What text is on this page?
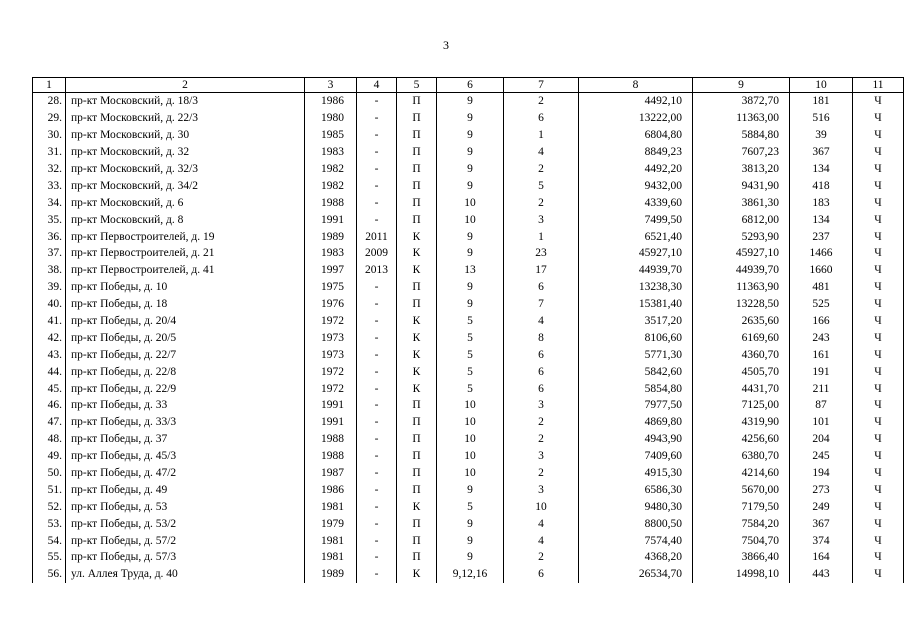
3
1	2	3	4	5	6	7	8	9	10	11
28.	пр-кт Московский, д. 18/3	1986	-	П	9	2	4492,10	3872,70	181	Ч
29.	пр-кт Московский, д. 22/3	1980	-	П	9	6	13222,00	11363,00	516	Ч
30.	пр-кт Московский, д. 30	1985	-	П	9	1	6804,80	5884,80	39	Ч
31.	пр-кт Московский, д. 32	1983	-	П	9	4	8849,23	7607,23	367	Ч
32.	пр-кт Московский, д. 32/3	1982	-	П	9	2	4492,20	3813,20	134	Ч
33.	пр-кт Московский, д. 34/2	1982	-	П	9	5	9432,00	9431,90	418	Ч
34.	пр-кт Московский, д. 6	1988	-	П	10	2	4339,60	3861,30	183	Ч
35.	пр-кт Московский, д. 8	1991	-	П	10	3	7499,50	6812,00	134	Ч
36.	пр-кт Первостроителей, д. 19	1989	2011	К	9	1	6521,40	5293,90	237	Ч
37.	пр-кт Первостроителей, д. 21	1983	2009	К	9	23	45927,10	45927,10	1466	Ч
38.	пр-кт Первостроителей, д. 41	1997	2013	К	13	17	44939,70	44939,70	1660	Ч
39.	пр-кт Победы, д. 10	1975	-	П	9	6	13238,30	11363,90	481	Ч
40.	пр-кт Победы, д. 18	1976	-	П	9	7	15381,40	13228,50	525	Ч
41.	пр-кт Победы, д. 20/4	1972	-	К	5	4	3517,20	2635,60	166	Ч
42.	пр-кт Победы, д. 20/5	1973	-	К	5	8	8106,60	6169,60	243	Ч
43.	пр-кт Победы, д. 22/7	1973	-	К	5	6	5771,30	4360,70	161	Ч
44.	пр-кт Победы, д. 22/8	1972	-	К	5	6	5842,60	4505,70	191	Ч
45.	пр-кт Победы, д. 22/9	1972	-	К	5	6	5854,80	4431,70	211	Ч
46.	пр-кт Победы, д. 33	1991	-	П	10	3	7977,50	7125,00	87	Ч
47.	пр-кт Победы, д. 33/3	1991	-	П	10	2	4869,80	4319,90	101	Ч
48.	пр-кт Победы, д. 37	1988	-	П	10	2	4943,90	4256,60	204	Ч
49.	пр-кт Победы, д. 45/3	1988	-	П	10	3	7409,60	6380,70	245	Ч
50.	пр-кт Победы, д. 47/2	1987	-	П	10	2	4915,30	4214,60	194	Ч
51.	пр-кт Победы, д. 49	1986	-	П	9	3	6586,30	5670,00	273	Ч
52.	пр-кт Победы, д. 53	1981	-	К	5	10	9480,30	7179,50	249	Ч
53.	пр-кт Победы, д. 53/2	1979	-	П	9	4	8800,50	7584,20	367	Ч
54.	пр-кт Победы, д. 57/2	1981	-	П	9	4	7574,40	7504,70	374	Ч
55.	пр-кт Победы, д. 57/3	1981	-	П	9	2	4368,20	3866,40	164	Ч
56.	ул. Аллея Труда, д. 40	1989	-	К	9,12,16	6	26534,70	14998,10	443	Ч
